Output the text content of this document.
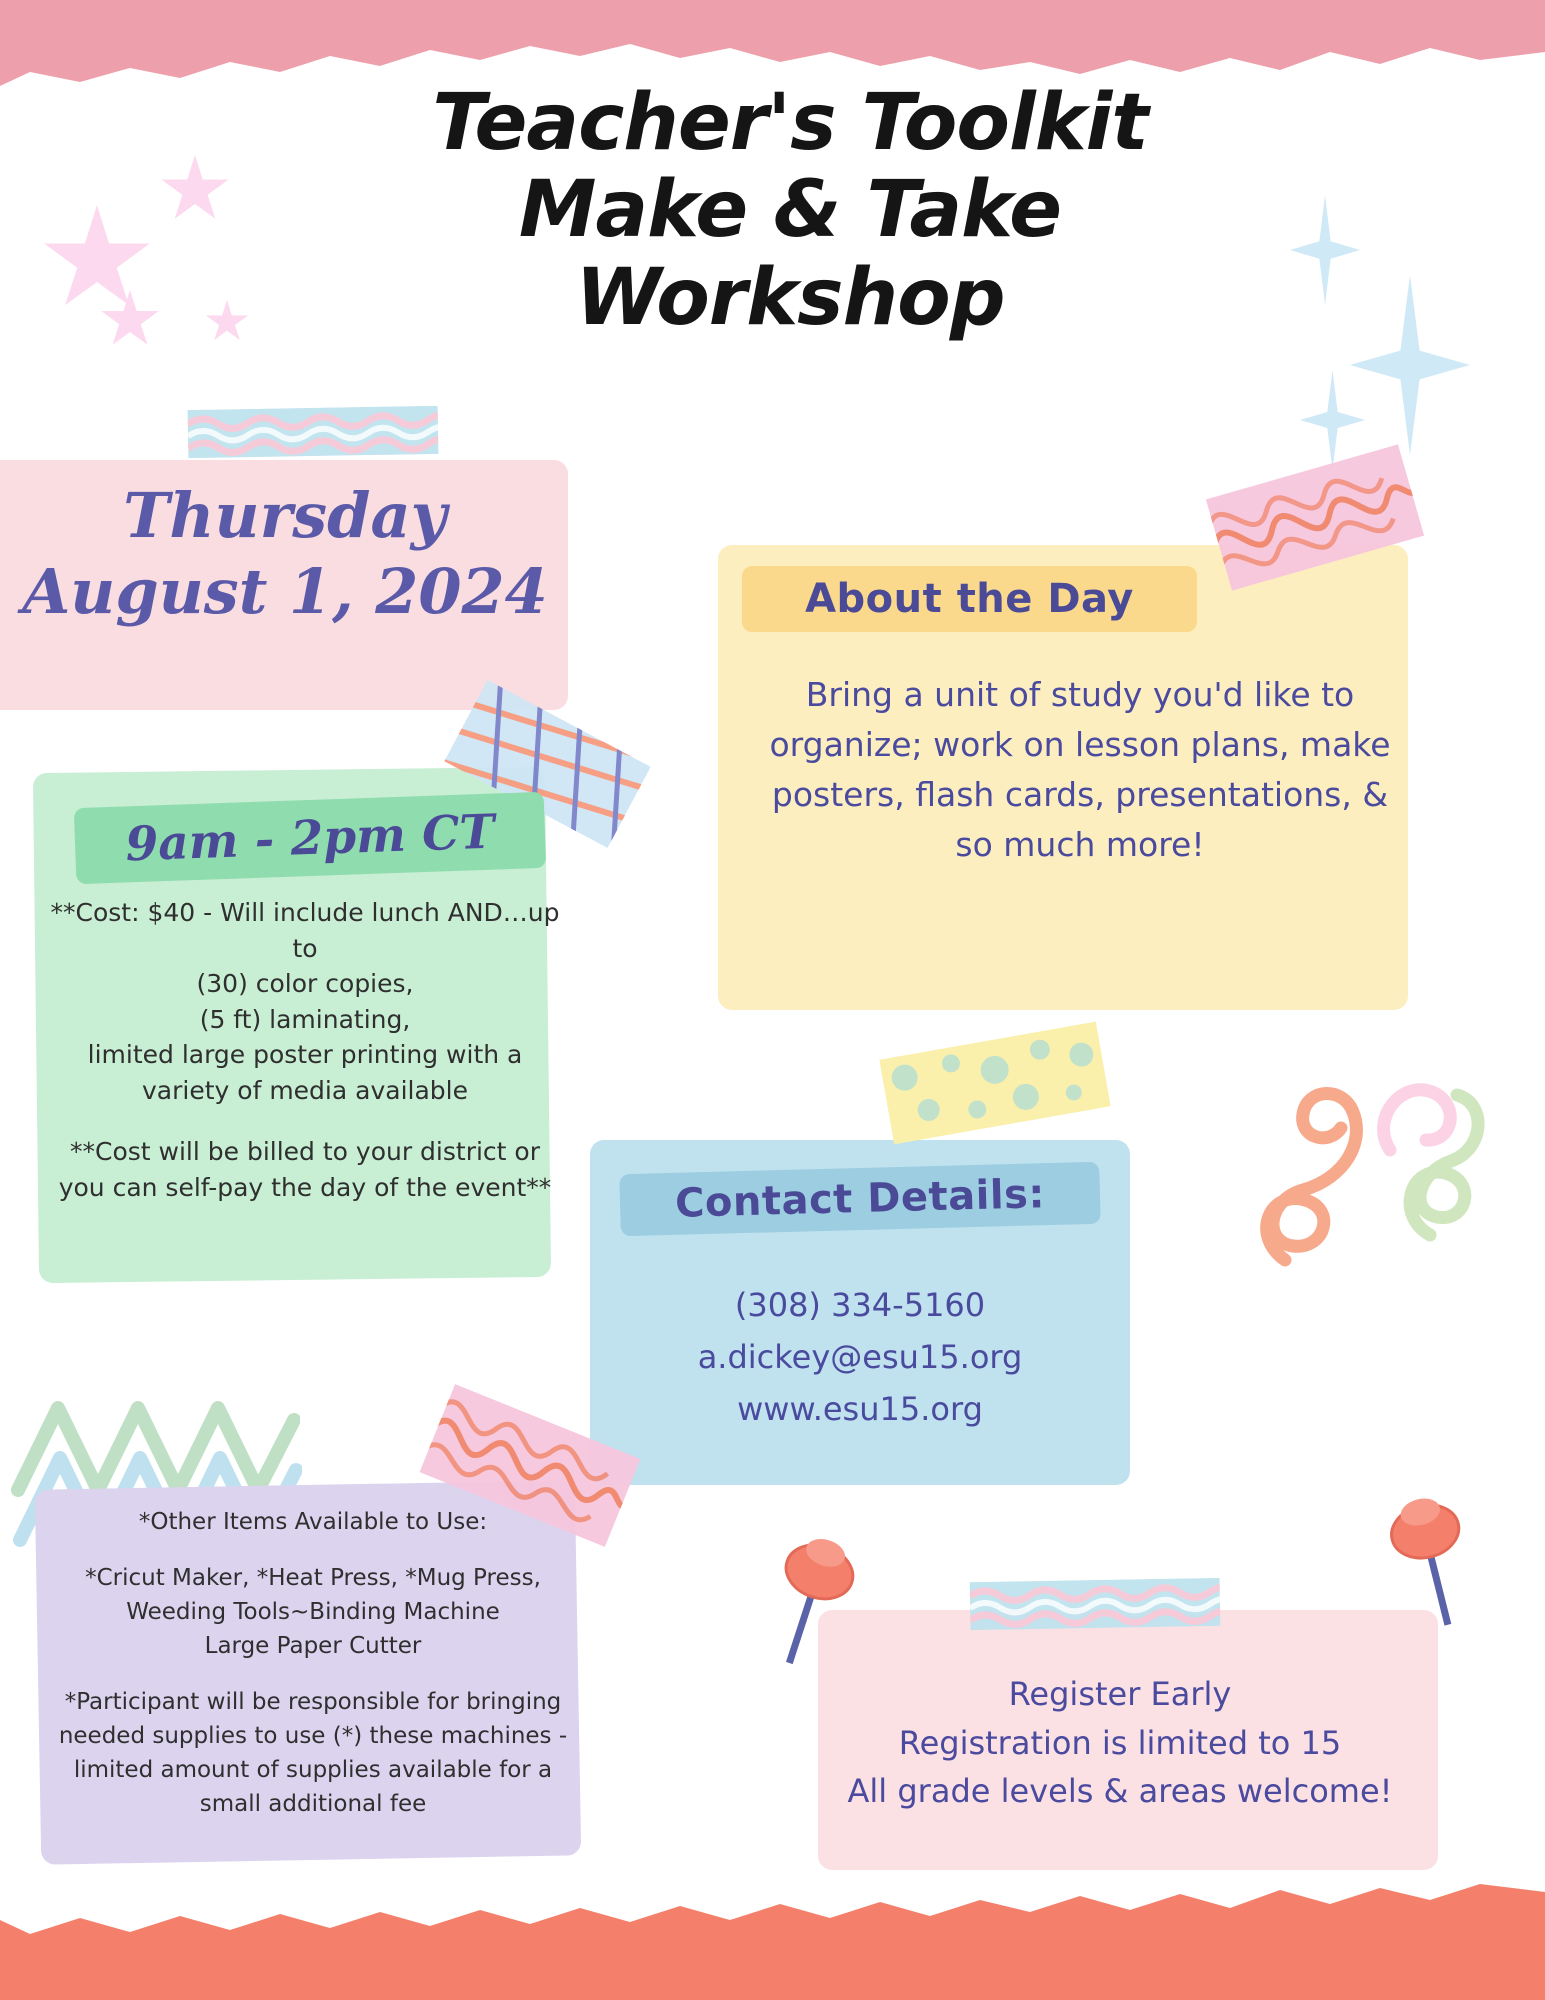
Teacher's Toolkit
Make & Take
Workshop
Thursday
August 1, 2024
9am - 2pm CT

**Cost: $40 - Will include lunch AND…up to

(30) color copies,

(5 ft) laminating,

limited large poster printing with a variety of media available

**Cost will be billed to your district or you can self-pay the day of the event**

About the Day
Bring a unit of study you'd like to organize; work on lesson plans, make posters, flash cards, presentations, & so much more!
Contact Details:
(308) 334-5160
a.dickey@esu15.org
www.esu15.org

*Other Items Available to Use:

*Cricut Maker, *Heat Press, *Mug Press,

Weeding Tools~Binding Machine

Large Paper Cutter

*Participant will be responsible for bringing needed supplies to use (*) these machines - limited amount of supplies available for a small additional fee

Register Early
Registration is limited to 15
All grade levels & areas welcome!
